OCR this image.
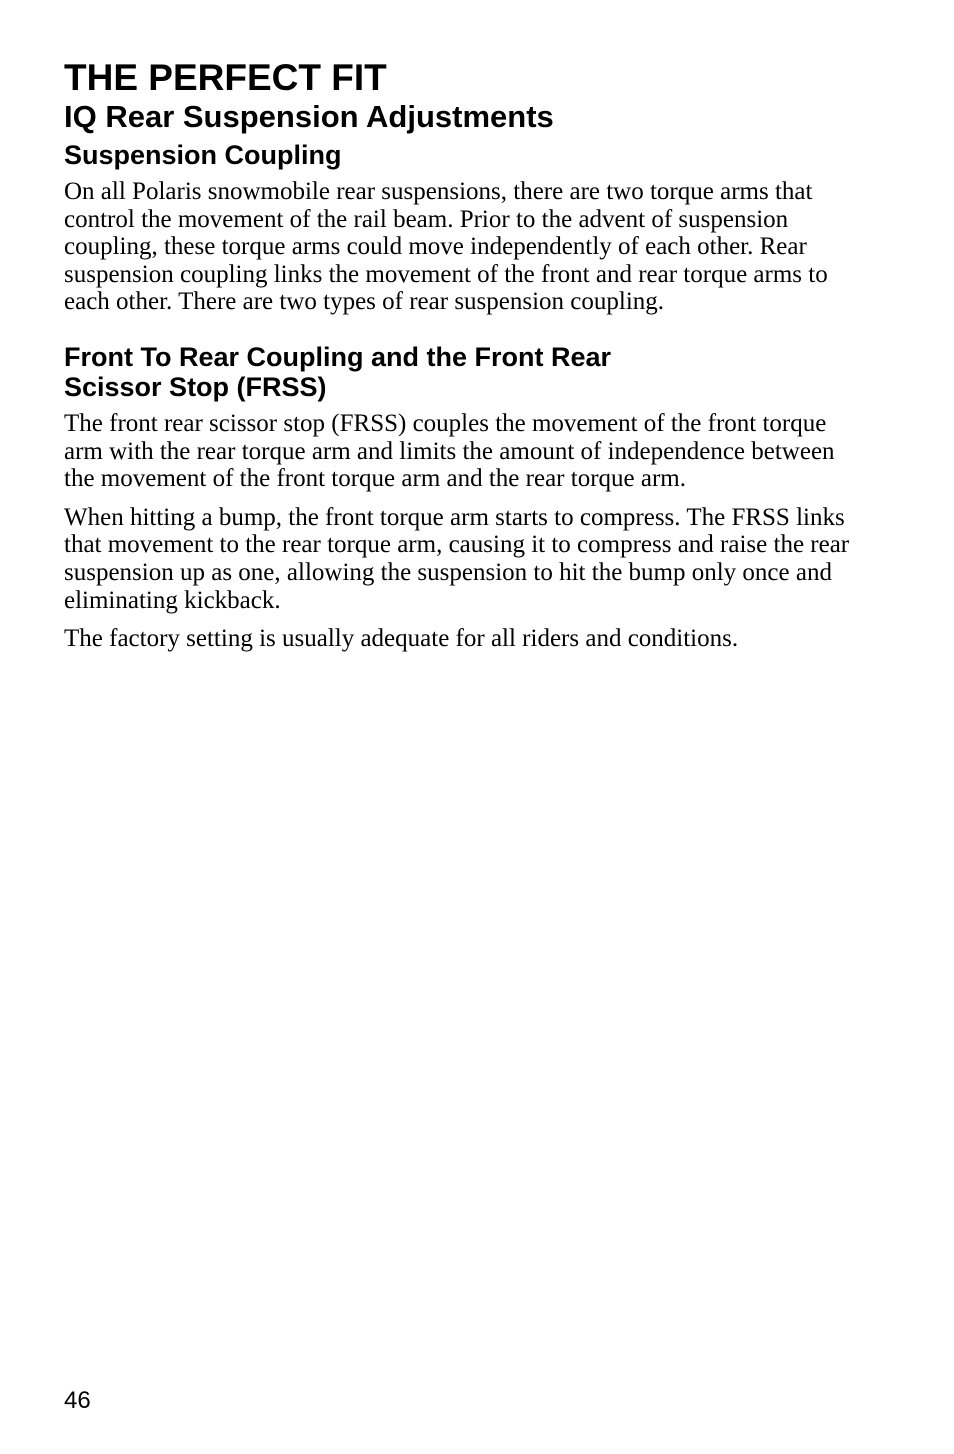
THE PERFECT FIT
IQ Rear Suspension Adjustments
Suspension Coupling

On all Polaris snowmobile rear suspensions, there are two torque arms that control the movement of the rail beam. Prior to the advent of suspension coupling, these torque arms could move independently of each other. Rear suspension coupling links the movement of the front and rear torque arms to each other. There are two types of rear suspension coupling.

Front To Rear Coupling and the Front Rear
Scissor Stop (FRSS)

The front rear scissor stop (FRSS) couples the movement of the front torque arm with the rear torque arm and limits the amount of independence between the movement of the front torque arm and the rear torque arm.

When hitting a bump, the front torque arm starts to compress. The FRSS links that movement to the rear torque arm, causing it to compress and raise the rear suspension up as one, allowing the suspension to hit the bump only once and eliminating kickback.

The factory setting is usually adequate for all riders and conditions.

46
